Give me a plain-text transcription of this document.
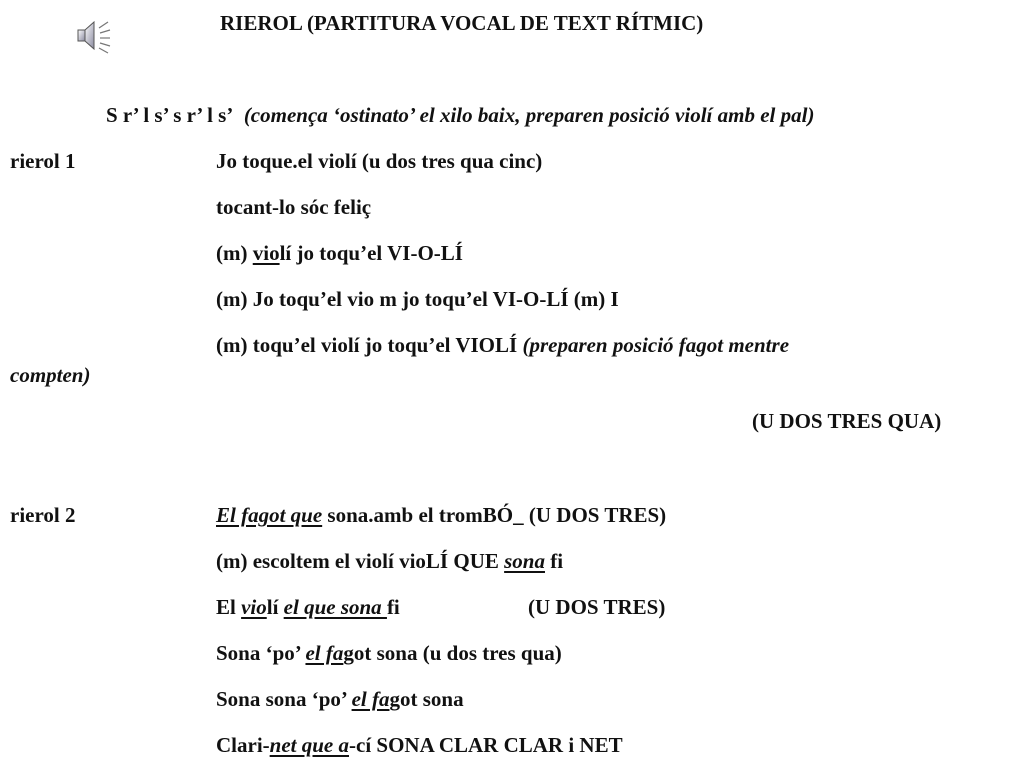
RIEROL (PARTITURA VOCAL DE TEXT RÍTMIC)
S r’ l s’ s r’ l s’ (comença ‘ostinato’ el xilo baix, preparen posició violí amb el pal)
rierol 1	Jo toque.el violí (u dos tres qua cinc)
tocant-lo sóc feliç
(m) violí jo toqu’el VI-O-LÍ
(m) Jo toqu’el vio m jo toqu’el VI-O-LÍ (m) I
(m) toqu’el violí jo toqu’el VIOLÍ (preparen posició fagot mentre
compten)
(U DOS TRES QUA)
rierol 2	El fagot que sona.amb el tromBÓ_ (U DOS TRES)
(m) escoltem el violí vioLÍ QUE sona fi
El violí el que sona fi	(U DOS TRES)
Sona ‘po’ el fagot sona (u dos tres qua)
Sona sona ‘po’ el fagot sona
Clari-net que a-cí SONA CLAR CLAR i NET
